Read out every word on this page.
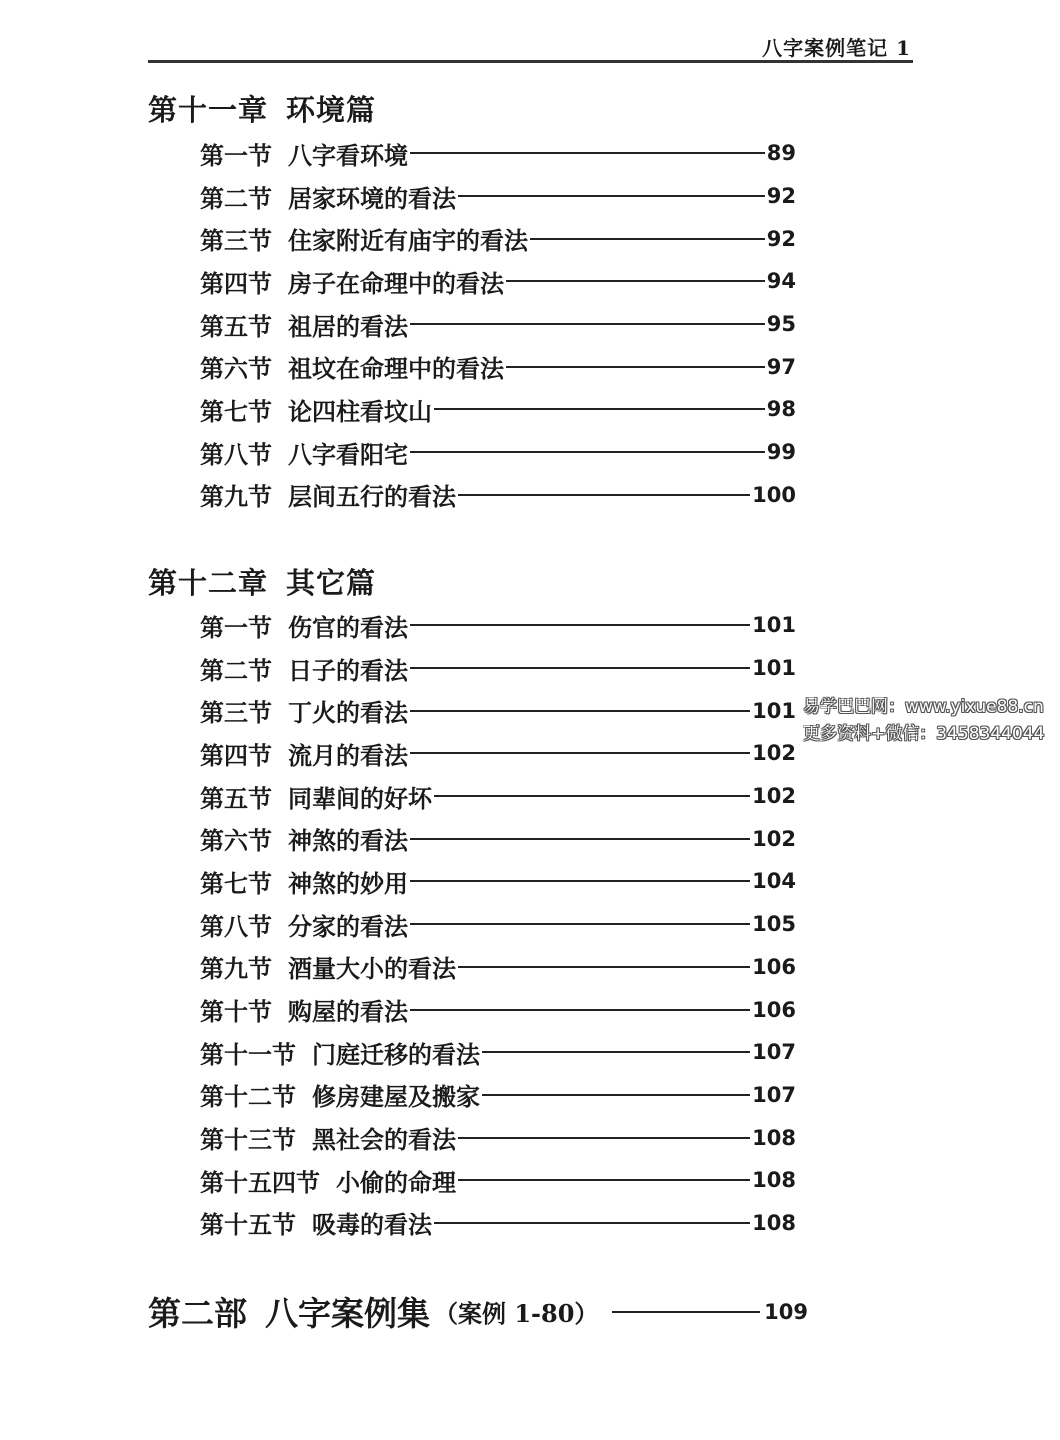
八字案例笔记 1
第十一章 环境篇
第一节 八字看环境	89
第二节 居家环境的看法	92
第三节 住家附近有庙宇的看法	92
第四节 房子在命理中的看法	94
第五节 祖居的看法	95
第六节 祖坟在命理中的看法	97
第七节 论四柱看坟山	98
第八节 八字看阳宅	99
第九节 层间五行的看法	100
第十二章 其它篇
第一节 伤官的看法	101
第二节 日子的看法	101
第三节 丁火的看法	101
第四节 流月的看法	102
第五节 同辈间的好坏	102
第六节 神煞的看法	102
第七节 神煞的妙用	104
第八节 分家的看法	105
第九节 酒量大小的看法	106
第十节 购屋的看法	106
第十一节 门庭迁移的看法	107
第十二节 修房建屋及搬家	107
第十三节 黑社会的看法	108
第十五四节 小偷的命理	108
第十五节 吸毒的看法	108
第二部 八字案例集 （案例 1-80）	109
易学巴巴网：www.yixue88.cn
更多资料+微信：3458344044
